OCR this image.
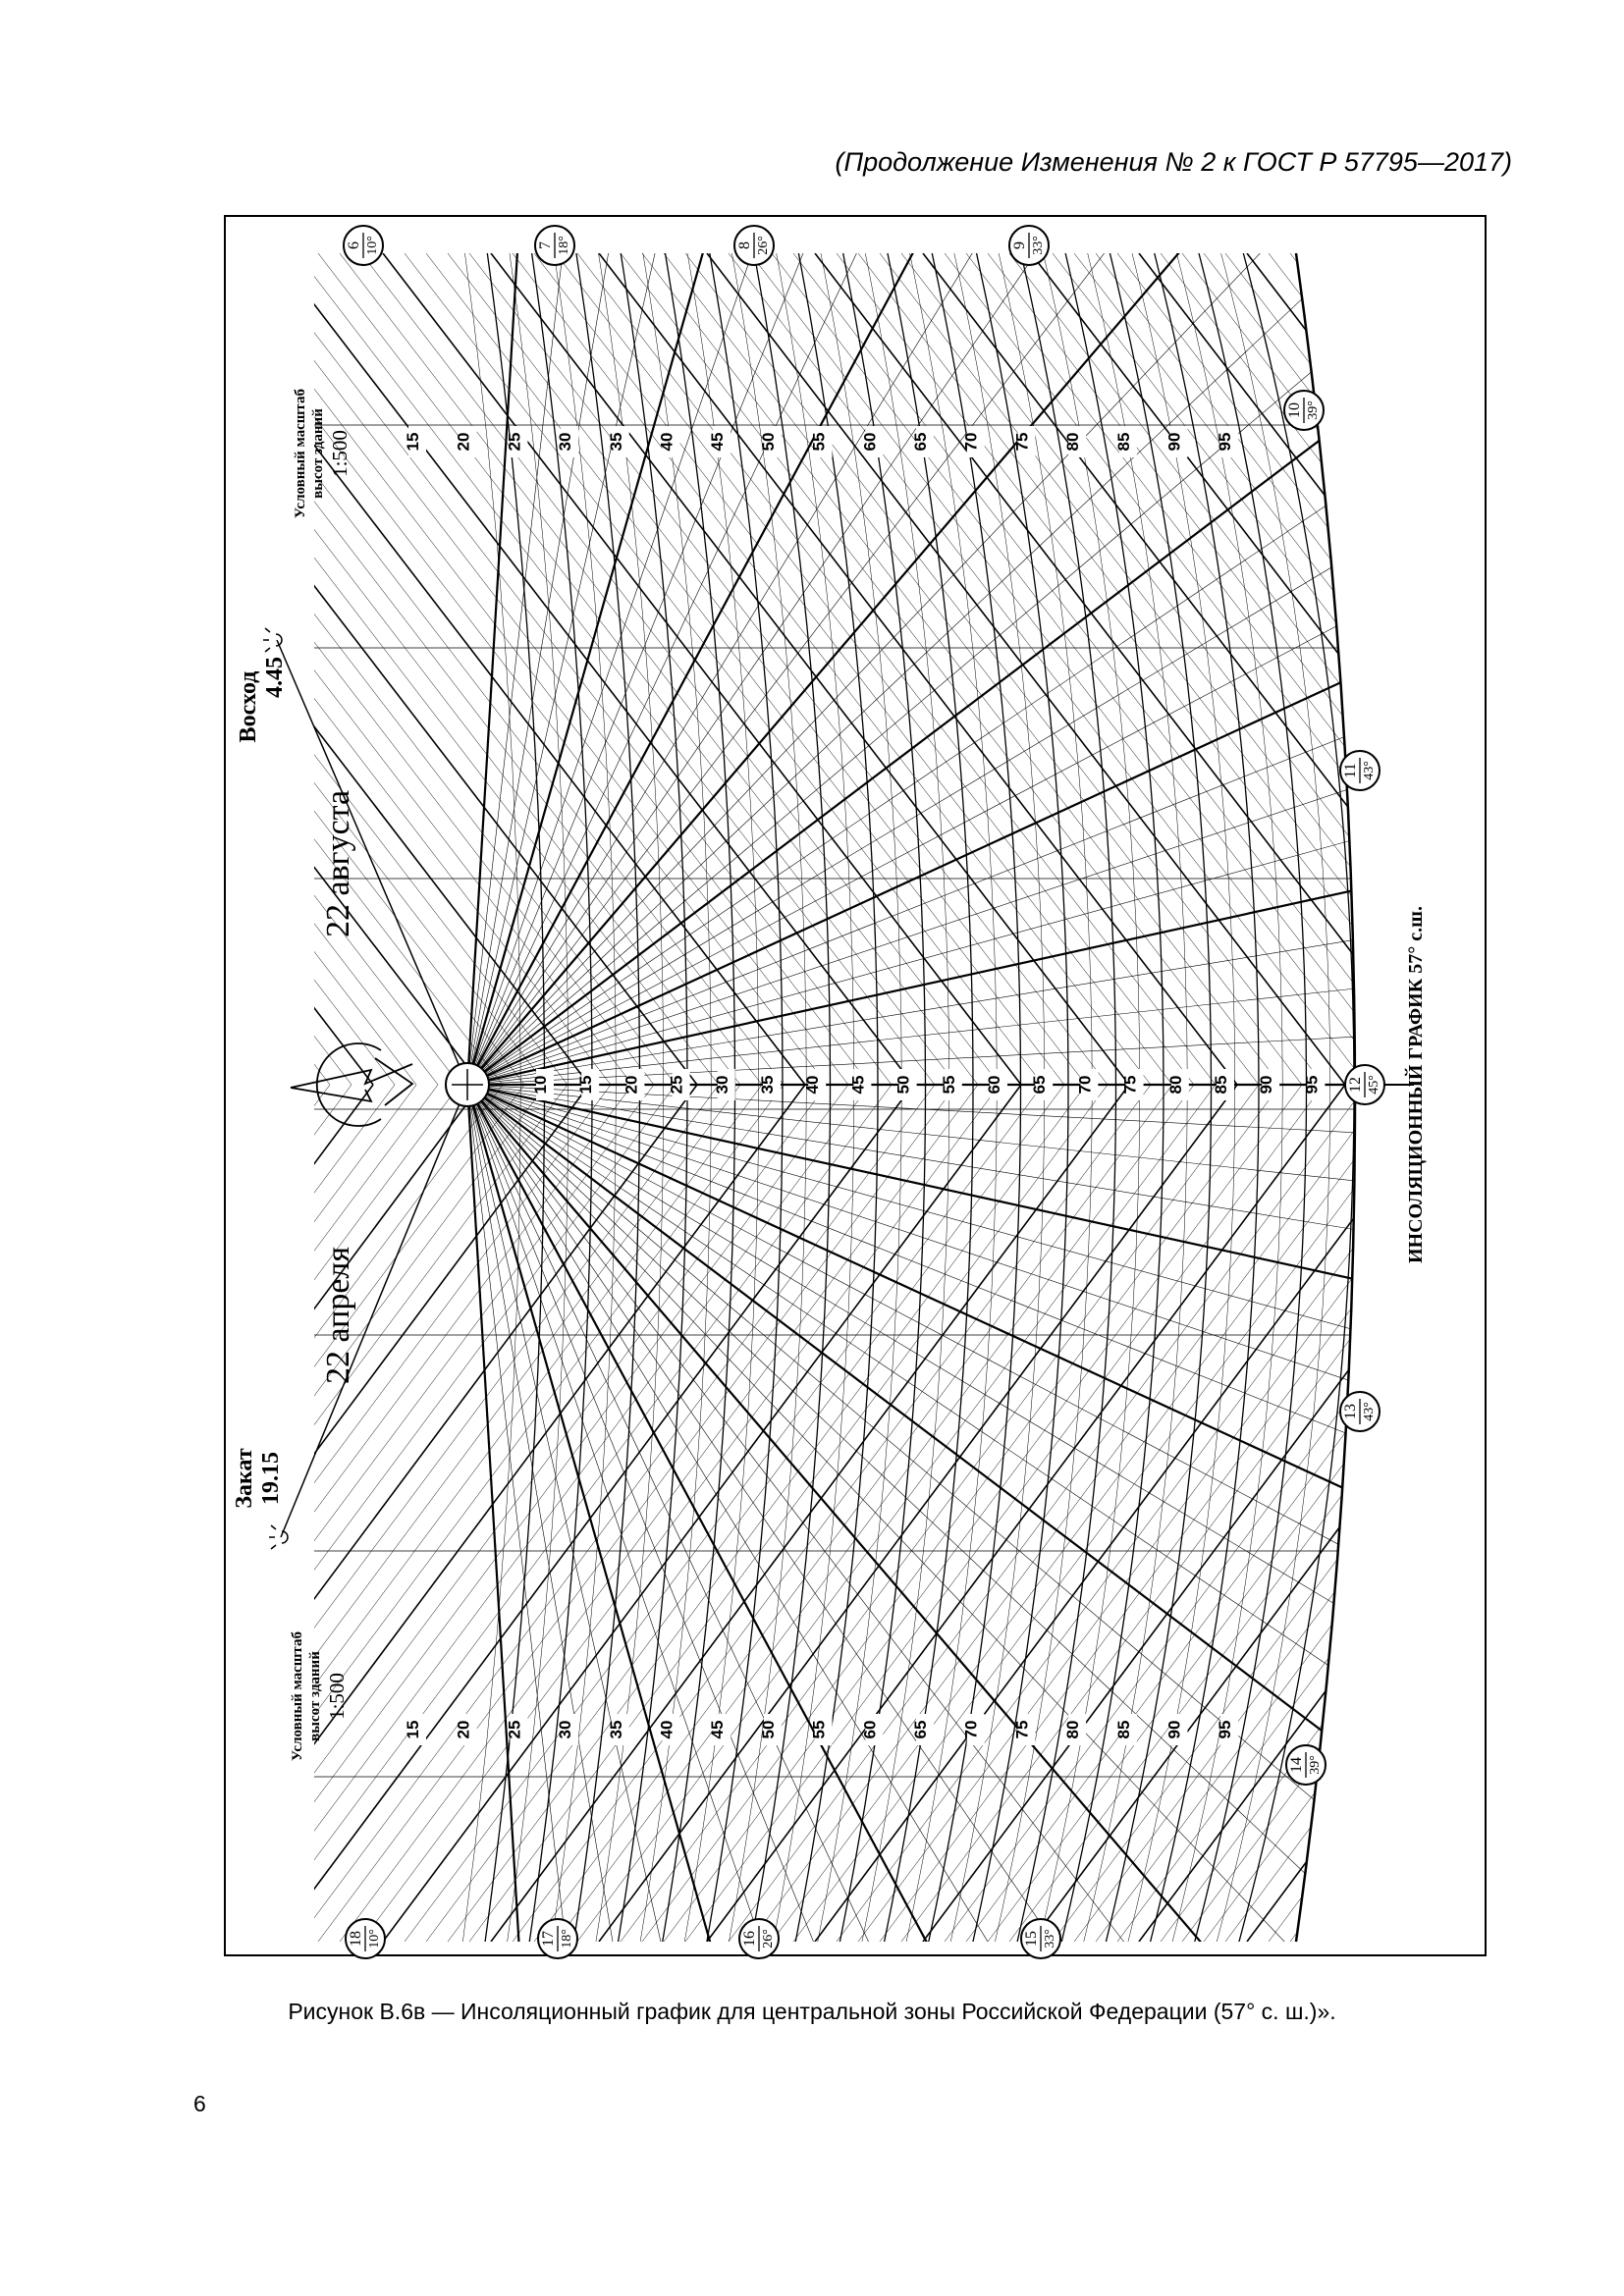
(Продолжение Изменения № 2 к ГОСТ Р 57795—2017)
Восход 4.45
Закат 19.15
22 августа
22 апреля
Условный масштаб высот зданий 1:500
Условный масштаб высот зданий 1:500
ИНСОЛЯЦИОННЫЙ ГРАФИК 57° с.ш.
10 15 20 25 30 35 40 45 50 55 60 65 70 75 80 85 90 95
15 20 25 30 35 40 45 50 55 60 65 70 75 80 85 90 95
15 20 25 30 35 40 45 50 55 60 65 70 75 80 85 90 95
6 10°	7 18°	8 26°	9 33°
10 39°
11 43°
12 45°
13 43°
14 39°
15 33°
16 26°
17 18°
18 10°
Рисунок В.6в — Инсоляционный график для центральной зоны Российской Федерации (57° с. ш.)».
6
